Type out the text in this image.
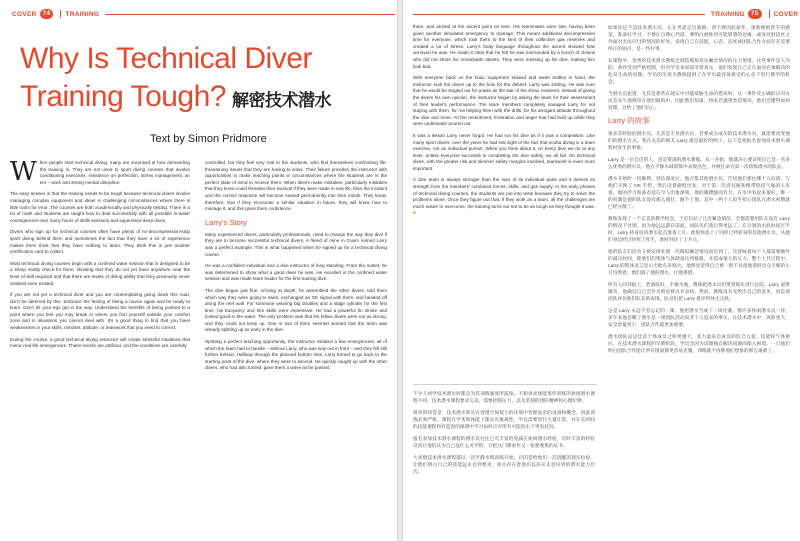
COVER 74	TRAINING
Why Is Technical Diver
Training Tough? 解密技术潜水
Text by Simon Pridmore

When people start technical diving, many are surprised at how demanding the training is. They are not used to sport diving courses that involve conditioning exercises, insistence on perfection, stress management, an em – work and strong mental discipline.

The easy answer is that the training needs to be tough because technical divers involve managing complex equipment and ideas in challenging circumstances where there is little room for error. The courses are both academically and physically testing. There is a lot of math and students are taught how to deal successfully with all possible in-water contingencies over many hours of skills sessions and supervised deep dives.

Divers who sign up for technical courses often have plenty of no-decompression-stop sport diving behind them and sometimes the fact that they have a lot of experience makes them think that they have nothing to learn. They think this is just another certification card to collect.

Most technical diving courses begin with a confined water session that is designed to be a sharp reality check for them, showing that they do not yet have anywhere near the level of skill required and that there are levels of diving ability that they previously never realised even existed.

If you are not yet a technical diver and you are contemplating going down this road, don't be deterred by this. Embrace the feeling of being a novice again and be ready to learn. Don't let your ego get in the way. Understand the benefits of being pushed to a point where you feel you may break or where you find yourself outside your comfort zone and in situations you cannot deal with. It's a good thing to find that you have weaknesses in your skills, mindset, attitude, or teamwork that you need to correct.

During the course, a good technical diving instructor will create stressful situations that mimic real-life emergencies. These events are artificial, and the conditions are carefully

controlled, but they feel very real to the students, who find themselves confronting life-threatening issues that they are having to solve. Their failure provides the instructor with opportunities to make teaching points in circumstances where the students are in the perfect state of mind to receive them. When divers make mistakes, particularly mistakes that they know could threaten their survival if they were made in real life, then the incident and the correct response will become seared permanently into their minds. They know, therefore, that if they encounter a similar situation in future, they will know how to manage it, and this gives them confidence.

Larry's Story

Many experienced divers, particularly professionals, need to change the way they dive if they are to become successful technical divers. A friend of mine in Guam named Larry was a perfect example. This is what happened when he signed up for a technical diving course.

He was a confident individual and a dive instructor of long standing. From the outset, he was determined to show what a good diver he was. He excelled in the confined water session and was made team leader for the first training dive.

The dive began just fine. Arriving at depth, he assembled the other divers, told them which way they were going to swim, exchanged an OK signal with them, and headed off along the reef wall. For someone wearing big doubles and a stage cylinder for the first time, his buoyancy and trim skills were impressive. He had a powerful fin stroke and looked good in the water. The only problem was that his fellow divers were not as strong, and they could not keep up. One or two of them seemed worried that the team was already splitting up so early in the dive.

Spotting a perfect teaching opportunity, the instructor initiated a few emergencies, all of which the team had to handle – without Larry, who was way out in front – and they fell still further behind. Halfway through the planned bottom time, Larry turned to go back to the starting point of the dive, where they were to ascend. He quickly caught up with the other divers, who had also turned, gave them a wave as he passed

TRAINING 75	COVER

them, and arrived at the ascent point on time. His teammates were late, having been given another simulated emergency to manage. This meant additional decompression time for everyone, which took them to the limit of their collective gas reserves and created a lot of stress. Larry's body language throughout the ascent showed how annoyed he was. He made it clear that he felt he was surrounded by a bunch of clowns who did not share his remarkable talents. They were messing up his dive, making him look bad.

With everyone back on the boat, equipment stowed and water bottles in hand, the instructor took the divers up to the bow for the debrief. Larry was smiling. He was sure that he would be singled out for praise as the star of the show. However, instead of giving the divers his own opinion, the instructor began by asking the team for their assessment of their leader's performance. The team members completely savaged Larry for not staying with them, for not helping them with the drills, for his arrogant attitude throughout the dive and more. All the resentment, frustration and anger that had built up while they were underwater poured out.

It was a lesson Larry never forgot. He had run his dive as if it was a competition. Like many sport divers, over the years he had lost sight of the fact that scuba diving is a team exercise, not an individual pursuit. When you think about it, on every dive we do at any level, unless everyone succeeds in completing the dive safely, we all fail. On technical dives, with the greater risk and slimmer safety margins involved, teamwork is even more important.

A dive team is always stronger than the sum of its individual parts and it derives its strength from the members' combined forces, skills, and gas supply. In the early phases of technical diving courses, the students are put into tests because they try to solve the problems alone. Once they figure out that, if they work as a team, all the challenges are much easier to overcome, the training turns out not to be as tough as they thought it was. ■

不少人初学技术潜水时都会为其训练强度所震惊。不和讲求体能条件训练的休闲潜水课程不同，技术潜水课程要求完美，需要控制压力，以及坚韧的团队精神和心理纪律。

简单的回答是：技术潜水涉及在容错空间很小的环境中管理复杂的设备和概念，因此训练必须严格。课程在学术和体能上都具有挑战性，学员需要进行大量计算，并在长时间的技能课程和有监督的深潜中学习如何应对所有可能的水下突发状况。

报名参加技术潜水课程的潜水员往往已有丰富的免减压休闲潜水经验，有时丰富的经验反而让他们认为自己没什么可学的，只把这门课看作又一张要收集的证书。

大多数技术潜水课程都以一次平静水域训练开始，目的是给他们一次清醒的现实检验，让他们明白自己的技能远未达到要求，而且存在着他们以前从未意识到的潜水能力层次。

如果你还不是技术潜水员，正在考虑走这条路，请不要因此却步。重新拥抱新手的感觉，准备好学习，不要让自尊心挡道。要明白被推到可能崩溃的边缘、或身处舒适区之外面对无法应付的情况的好处。发现自己在技能、心态、态度或团队合作方面存在需要纠正的弱点，是一件好事。

在课程中，优秀的技术潜水教练会制造模拟真实紧急情况的压力情境。这些事件是人为的，条件受到严格控制，但对学员来说却非常真实，他们发现自己正在面对必须解决的危及生命的问题。学员的失误为教练提供了在学员最容易接受的心态下进行教学的机会。

当潜水员犯错，尤其是那些在现实中可能威胁生命的错误时，这一事件及正确的应对方法会永久地烙印在他们脑海中。因此他们知道，将来若遇到类似情况，他们会懂得如何处理，这给了他们信心。

Larry 的故事

很多有经验的潜水员，尤其是专业潜水员，若要成为成功的技术潜水员，就需要改变他们的潜水方式。我在关岛的朋友 Larry 就是最好的例子。以下是他报名参加技术潜水课程时发生的事情。

Larry 是一位自信的人，也是资深的潜水教练。从一开始，他就决心要证明自己是一名多么优秀的潜水员。他在平静水域训练中表现出色，并被任命为第一次训练潜水的队长。

潜水开始时一切顺利。到达深度后，他召集其他潜水员，告诉他们要往哪个方向游，与他们交换了 OK 手势，然后沿着礁壁出发。对于第一次背双瓶和携带阶段气瓶的人来说，他的浮力和姿态技巧令人印象深刻。他的踢蹼强而有力，在水中看起来很好。唯一的问题是他的队友没有那么强壮，跟不上他。其中一两个人似乎担心团队在潜水初期就已经分散了。

教练发现了一个完美的教学机会，于是启动了几次紧急情况，全都需要团队在没有 Larry 的情况下处理，因为他远远游在前面，而队员们落后得更远了。在计划的水底时间过半时，Larry 转身返回潜水起点准备上升。他很快追上了同样已经转身的其他潜水员，从他们身边经过时挥了挥手，准时到达了上升点。

他的队友们因为又被安排处理一次模拟紧急情况而迟到了。这意味着每个人都需要额外的减压时间，使他们的集体气体储备达到极限，并造成很大的压力。整个上升过程中，Larry 的肢体语言显示出他有多恼火。他明显觉得自己被一群不具备他那样出众天赋的小丑包围着，他们毁了他的潜水，让他难堪。

所有人回到船上，装备收好，手握水瓶，教练把潜水员们带到船头进行总结。Larry 面带微笑，他确信自己会作为明星被点名表扬。然而，教练没有先给出自己的意见，而是请团队评价他们队长的表现。队员们把 Larry 批评得体无完肤。

这是 Larry 永远不会忘记的一课。他把潜水当成了一场比赛。像许多休闲潜水员一样，多年来他忽略了潜水是一项团队活动而非个人追求的事实。在技术潜水中，风险更大、安全余量更小，团队合作就更加重要。

潜水团队总是比其个体成员之和更强大，其力量来自成员的综合力量、技能和气体供应。在技术潜水课程的早期阶段，学员会因为试图独自解决问题而陷入困境。一旦他们明白团队合作能让所有挑战都更容易克服，训练就不再像他们想象的那么艰难了。
